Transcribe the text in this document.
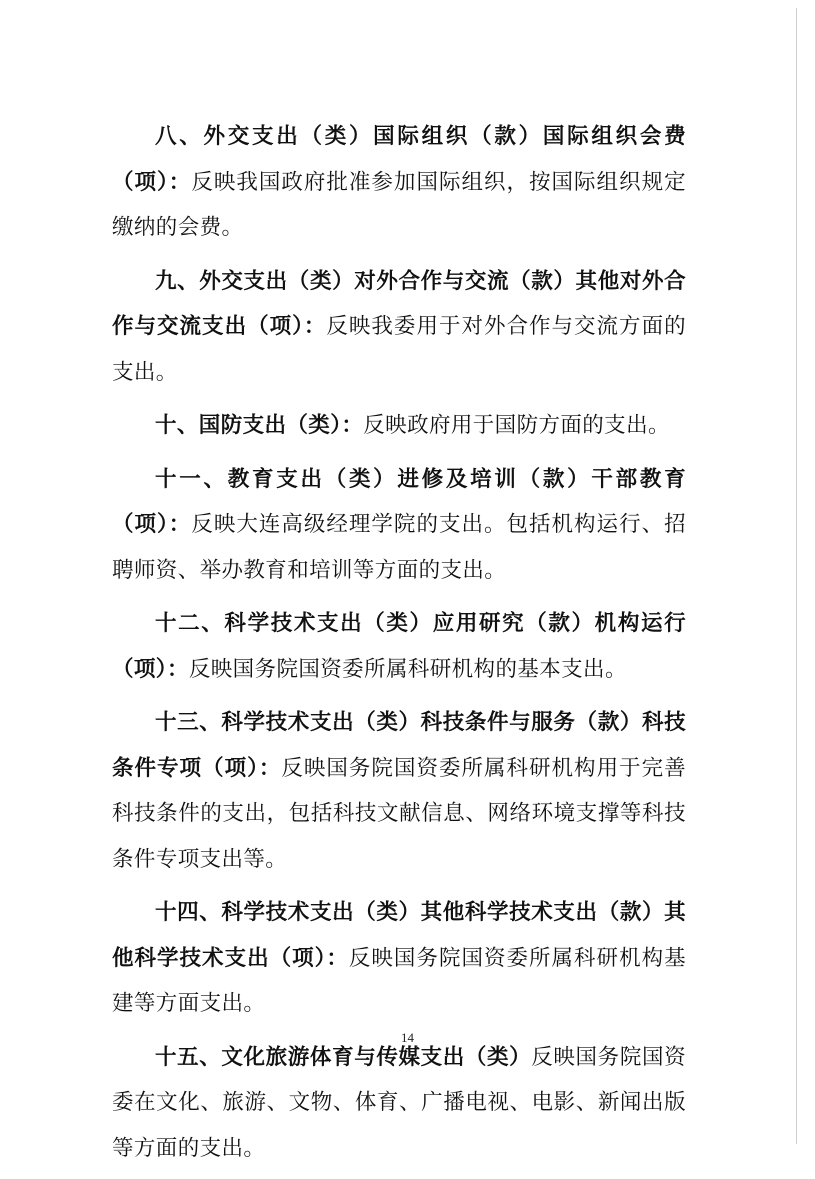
八、外交支出（类）国际组织（款）国际组织会费（项）：反映我国政府批准参加国际组织，按国际组织规定缴纳的会费。

九、外交支出（类）对外合作与交流（款）其他对外合作与交流支出（项）：反映我委用于对外合作与交流方面的支出。

十、国防支出（类）：反映政府用于国防方面的支出。

十一、教育支出（类）进修及培训（款）干部教育（项）：反映大连高级经理学院的支出。包括机构运行、招聘师资、举办教育和培训等方面的支出。

十二、科学技术支出（类）应用研究（款）机构运行（项）：反映国务院国资委所属科研机构的基本支出。

十三、科学技术支出（类）科技条件与服务（款）科技条件专项（项）：反映国务院国资委所属科研机构用于完善科技条件的支出，包括科技文献信息、网络环境支撑等科技条件专项支出等。

十四、科学技术支出（类）其他科学技术支出（款）其他科学技术支出（项）：反映国务院国资委所属科研机构基建等方面支出。

十五、文化旅游体育与传媒支出（类）反映国务院国资委在文化、旅游、文物、体育、广播电视、电影、新闻出版等方面的支出。

14
